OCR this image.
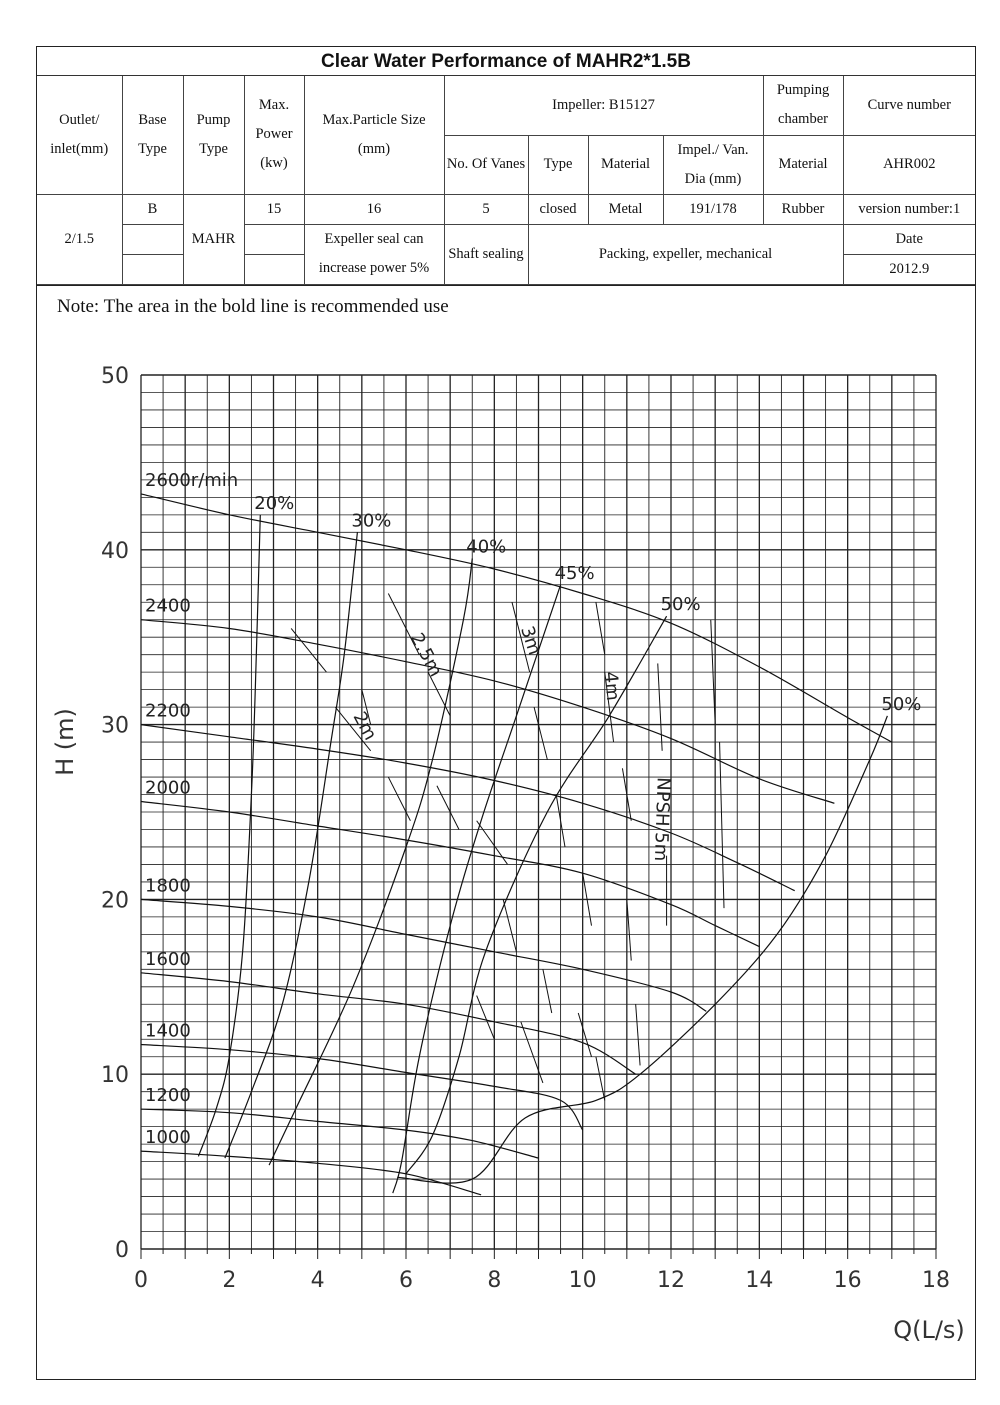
Clear Water Performance of MAHR2*1.5B
Outlet/ inlet(mm)	Base Type	Pump Type	Max. Power (kw)	Max.Particle Size (mm)	Impeller: B15127				Pumping chamber	Curve number
					No. Of Vanes	Type	Material	Impel./ Van. Dia (mm)	Material	AHR002
2/1.5	B	MAHR	15	16	5	closed	Metal	191/178	Rubber	version number:1
				Expeller seal can increase power 5%	Shaft sealing	Packing, expeller, mechanical				Date
										2012.9
Note: The area in the bold line is recommended use
2600r/min
2400
2200
2000
1800
1600
1400
1200
1000
20%
30%
40%
45%
50%
50%
2m
2.5m	3m
4m
NPSH 5m
0	2	4	6	8	10	12	14	16	18
0
10
20
30
40
50
Q(L/s)
H (m)
